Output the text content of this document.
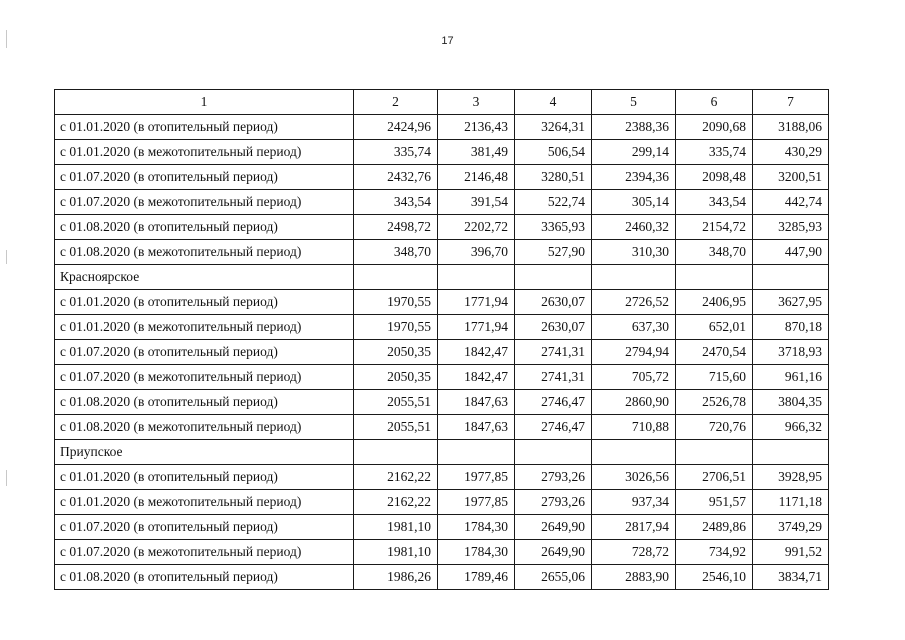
17
1	2	3	4	5	6	7
с 01.01.2020 (в отопительный период)	2424,96	2136,43	3264,31	2388,36	2090,68	3188,06
с 01.01.2020 (в межотопительный период)	335,74	381,49	506,54	299,14	335,74	430,29
с 01.07.2020 (в отопительный период)	2432,76	2146,48	3280,51	2394,36	2098,48	3200,51
с 01.07.2020 (в межотопительный период)	343,54	391,54	522,74	305,14	343,54	442,74
с 01.08.2020 (в отопительный период)	2498,72	2202,72	3365,93	2460,32	2154,72	3285,93
с 01.08.2020 (в межотопительный период)	348,70	396,70	527,90	310,30	348,70	447,90
Красноярское						
с 01.01.2020 (в отопительный период)	1970,55	1771,94	2630,07	2726,52	2406,95	3627,95
с 01.01.2020 (в межотопительный период)	1970,55	1771,94	2630,07	637,30	652,01	870,18
с 01.07.2020 (в отопительный период)	2050,35	1842,47	2741,31	2794,94	2470,54	3718,93
с 01.07.2020 (в межотопительный период)	2050,35	1842,47	2741,31	705,72	715,60	961,16
с 01.08.2020 (в отопительный период)	2055,51	1847,63	2746,47	2860,90	2526,78	3804,35
с 01.08.2020 (в межотопительный период)	2055,51	1847,63	2746,47	710,88	720,76	966,32
Приупское						
с 01.01.2020 (в отопительный период)	2162,22	1977,85	2793,26	3026,56	2706,51	3928,95
с 01.01.2020 (в межотопительный период)	2162,22	1977,85	2793,26	937,34	951,57	1171,18
с 01.07.2020 (в отопительный период)	1981,10	1784,30	2649,90	2817,94	2489,86	3749,29
с 01.07.2020 (в межотопительный период)	1981,10	1784,30	2649,90	728,72	734,92	991,52
с 01.08.2020 (в отопительный период)	1986,26	1789,46	2655,06	2883,90	2546,10	3834,71
